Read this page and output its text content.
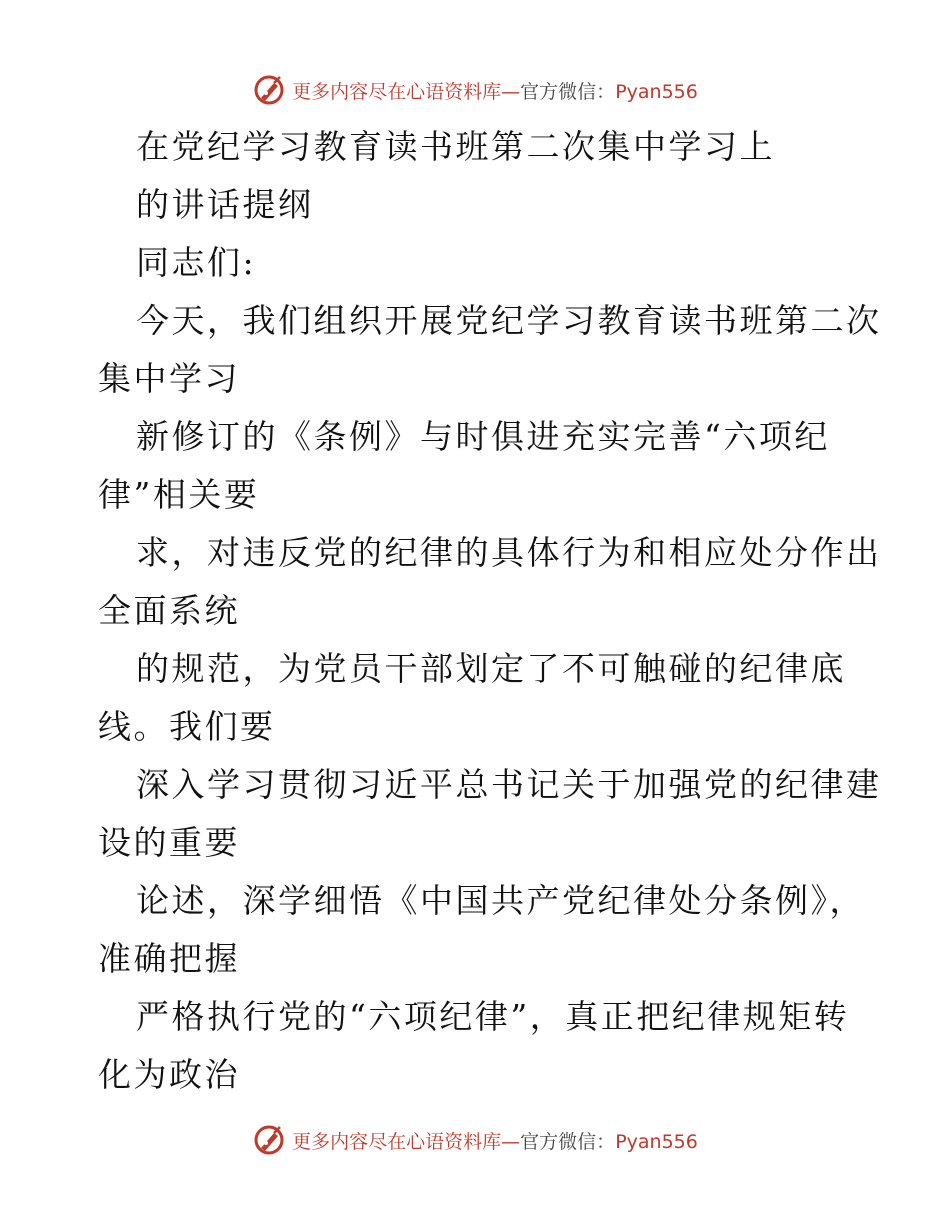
更多内容尽在心语资料库—官方微信：Pyan556
在党纪学习教育读书班第二次集中学习上
的讲话提纲
同志们:
今天，我们组织开展党纪学习教育读书班第二次
集中学习
新修订的《条例》与时俱进充实完善“六项纪
律”相关要
求，对违反党的纪律的具体行为和相应处分作出
全面系统
的规范，为党员干部划定了不可触碰的纪律底
线。我们要
深入学习贯彻习近平总书记关于加强党的纪律建
设的重要
论述，深学细悟《中国共产党纪律处分条例》，
准确把握
严格执行党的“六项纪律”，真正把纪律规矩转
化为政治
更多内容尽在心语资料库—官方微信：Pyan556
